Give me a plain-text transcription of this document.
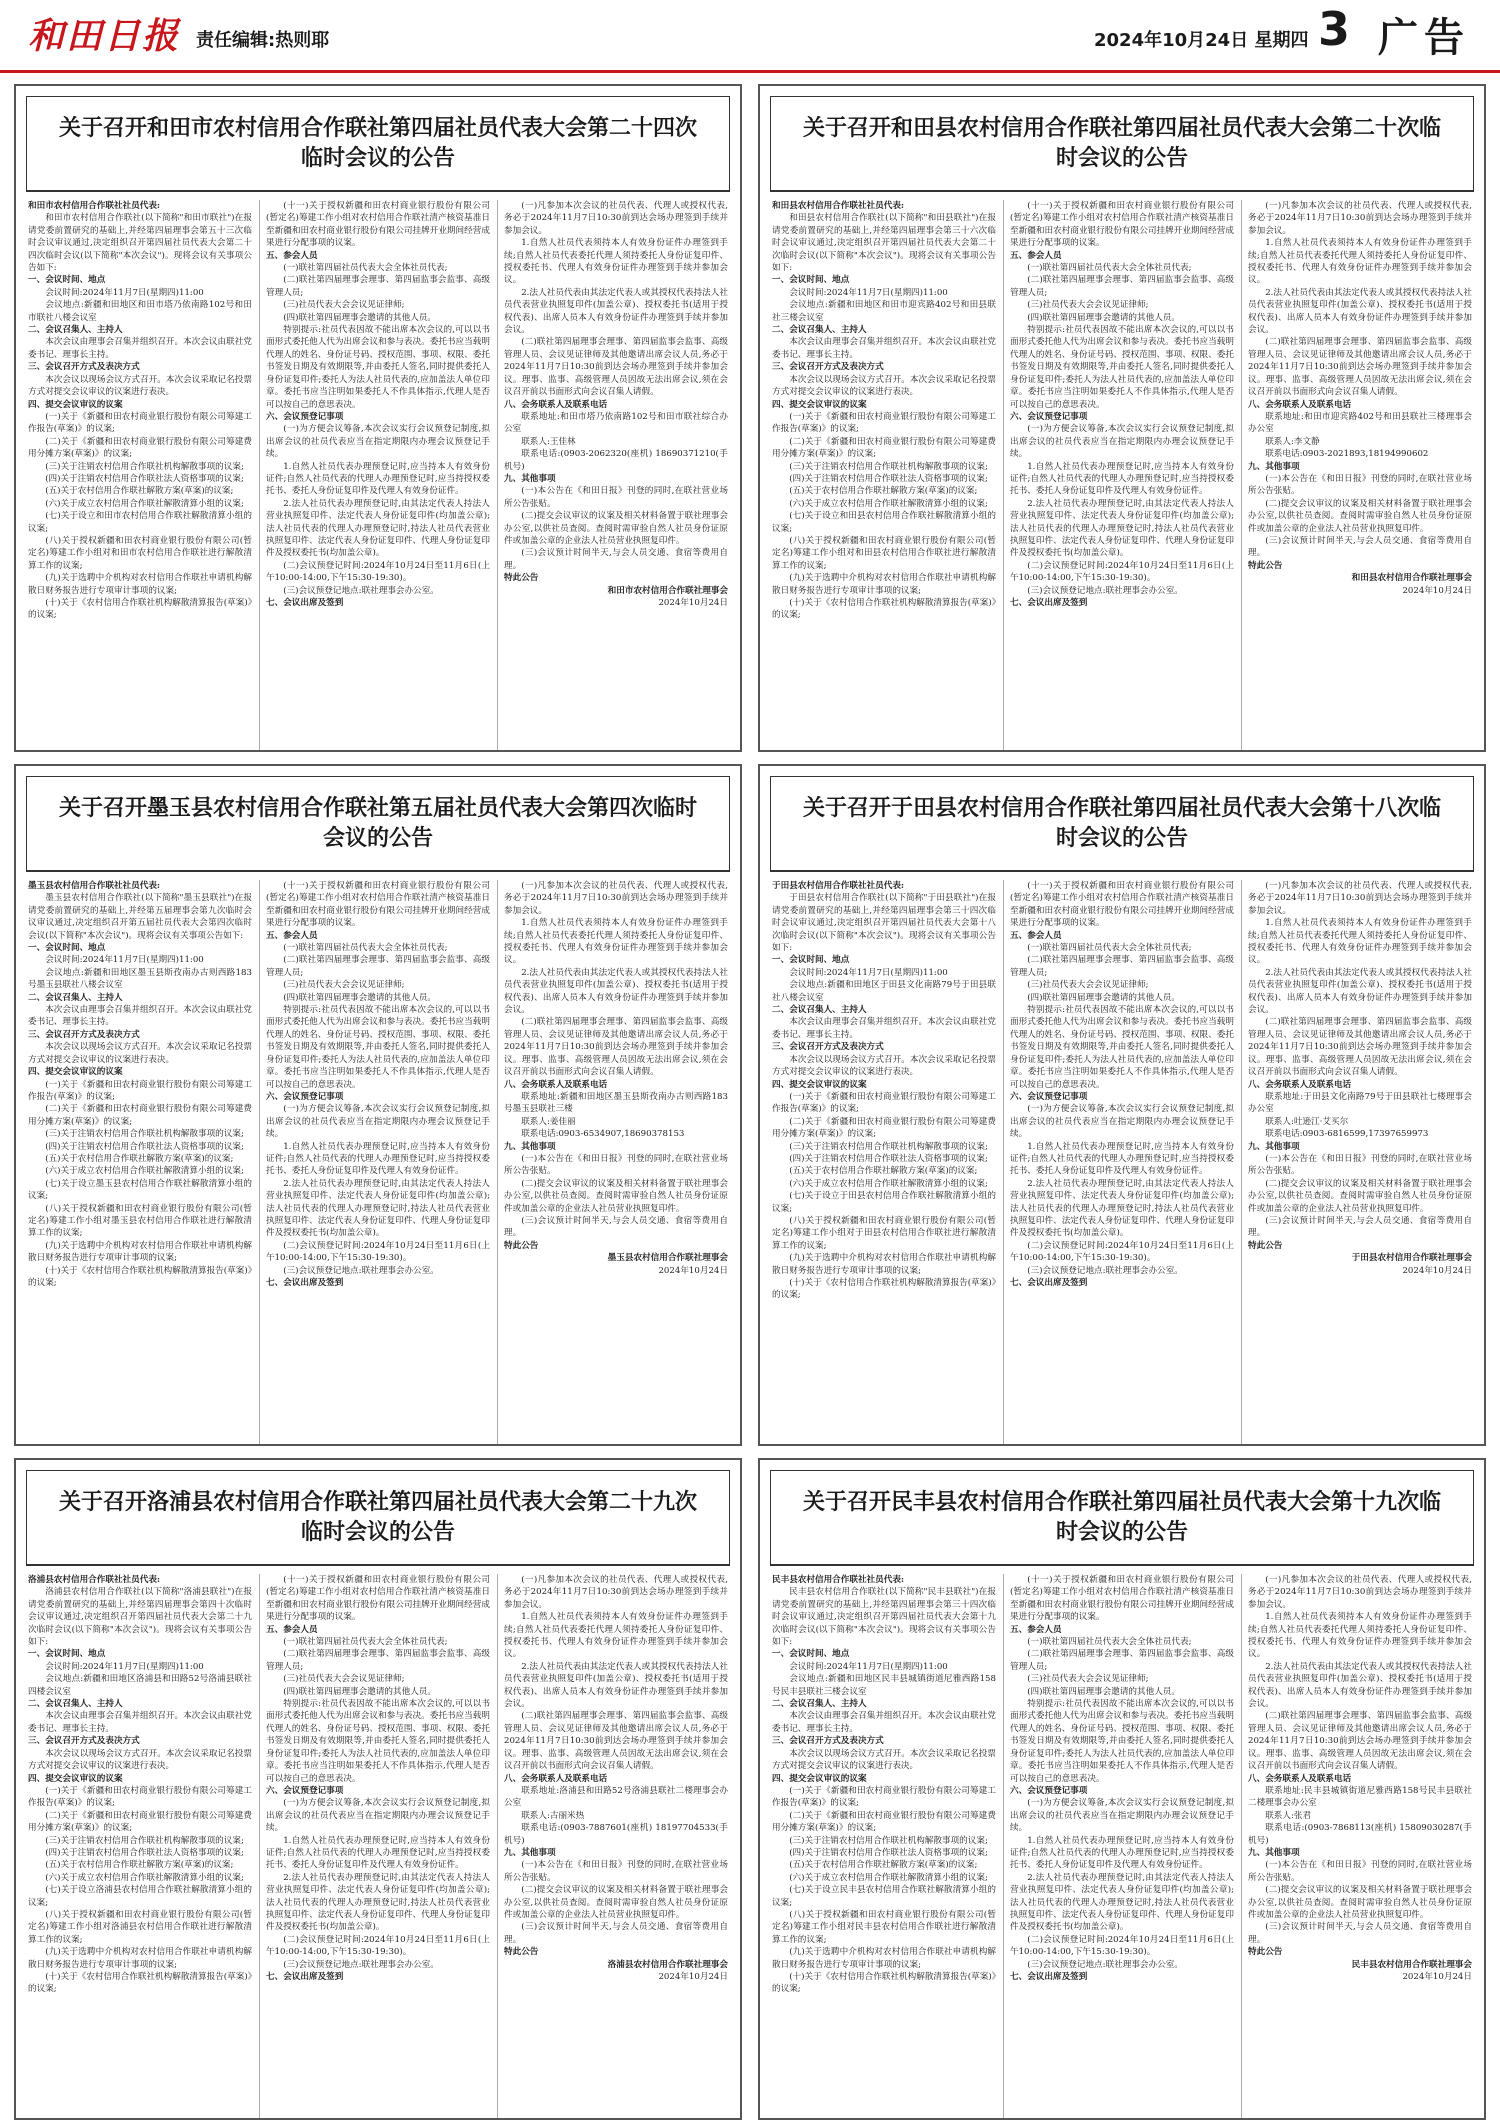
和田日报 责任编辑:热则耶	2024年10月24日 星期四 3 广告
关于召开和田市农村信用合作联社第四届社员代表大会第二十四次临时会议的公告

和田市农村信用合作联社社员代表:

和田市农村信用合作联社(以下简称"和田市联社")在报请党委前置研究的基础上,并经第四届理事会第五十三次临时会议审议通过,决定组织召开第四届社员代表大会第二十四次临时会议(以下简称"本次会议")。现将会议有关事项公告如下:

一、会议时间、地点

会议时间:2024年11月7日(星期四)11:00

会议地点:新疆和田地区和田市塔乃依南路102号和田市联社八楼会议室

二、会议召集人、主持人

本次会议由理事会召集并组织召开。本次会议由联社党委书记、理事长主持。

三、会议召开方式及表决方式

本次会议以现场会议方式召开。本次会议采取记名投票方式对提交会议审议的议案进行表决。

四、提交会议审议的议案

(一)关于《新疆和田农村商业银行股份有限公司筹建工作报告(草案)》的议案;

(二)关于《新疆和田农村商业银行股份有限公司筹建费用分摊方案(草案)》的议案;

(三)关于注销农村信用合作联社机构解散事项的议案;

(四)关于注销农村信用合作联社法人资格事项的议案;

(五)关于农村信用合作联社解散方案(草案)的议案;

(六)关于成立农村信用合作联社解散清算小组的议案;

(七)关于设立和田市农村信用合作联社解散清算小组的议案;

(八)关于授权新疆和田农村商业银行股份有限公司(暂定名)筹建工作小组对和田市农村信用合作联社进行解散清算工作的议案;

(九)关于选聘中介机构对农村信用合作联社申请机构解散日财务报告进行专项审计事项的议案;

(十)关于《农村信用合作联社机构解散清算报告(草案)》的议案;

(十一)关于授权新疆和田农村商业银行股份有限公司(暂定名)筹建工作小组对农村信用合作联社清产核资基准日至新疆和田农村商业银行股份有限公司挂牌开业期间经营成果进行分配事项的议案。

五、参会人员

(一)联社第四届社员代表大会全体社员代表;

(二)联社第四届理事会理事、第四届监事会监事、高级管理人员;

(三)社员代表大会会议见证律师;

(四)联社第四届理事会邀请的其他人员。

特别提示:社员代表因故不能出席本次会议的,可以以书面形式委托他人代为出席会议和参与表决。委托书应当载明代理人的姓名、身份证号码、授权范围、事项、权限、委托书签发日期及有效期限等,并由委托人签名,同时提供委托人身份证复印件;委托人为法人社员代表的,应加盖法人单位印章。委托书应当注明如果委托人不作具体指示,代理人是否可以按自己的意思表决。

六、会议预登记事项

(一)为方便会议筹备,本次会议实行会议预登记制度,拟出席会议的社员代表应当在指定期限内办理会议预登记手续。

1.自然人社员代表办理预登记时,应当持本人有效身份证件;自然人社员代表的代理人办理预登记时,应当持授权委托书、委托人身份证复印件及代理人有效身份证件。

2.法人社员代表办理预登记时,由其法定代表人持法人营业执照复印件、法定代表人身份证复印件(均加盖公章);法人社员代表的代理人办理预登记时,持法人社员代表营业执照复印件、法定代表人身份证复印件、代理人身份证复印件及授权委托书(均加盖公章)。

(二)会议预登记时间:2024年10月24日至11月6日(上午10:00-14:00,下午15:30-19:30)。

(三)会议预登记地点:联社理事会办公室。

七、会议出席及签到

(一)凡参加本次会议的社员代表、代理人或授权代表,务必于2024年11月7日10:30前到达会场办理签到手续并参加会议。

1.自然人社员代表须持本人有效身份证件办理签到手续;自然人社员代表委托代理人须持委托人身份证复印件、授权委托书、代理人有效身份证件办理签到手续并参加会议。

2.法人社员代表由其法定代表人或其授权代表持法人社员代表营业执照复印件(加盖公章)、授权委托书(适用于授权代表)、出席人员本人有效身份证件办理签到手续并参加会议。

(二)联社第四届理事会理事、第四届监事会监事、高级管理人员、会议见证律师及其他邀请出席会议人员,务必于2024年11月7日10:30前到达会场办理签到手续并参加会议。理事、监事、高级管理人员因故无法出席会议,须在会议召开前以书面形式向会议召集人请假。

八、会务联系人及联系电话

联系地址:和田市塔乃依南路102号和田市联社综合办公室

联系人:王佳林

联系电话:(0903-2062320(座机) 18690371210(手机号)

九、其他事项

(一)本公告在《和田日报》刊登的同时,在联社营业场所公告张贴。

(二)提交会议审议的议案及相关材料备置于联社理事会办公室,以供社员查阅。查阅时需审验自然人社员身份证原件或加盖公章的企业法人社员营业执照复印件。

(三)会议预计时间半天,与会人员交通、食宿等费用自理。

特此公告

和田市农村信用合作联社理事会

2024年10月24日

关于召开和田县农村信用合作联社第四届社员代表大会第二十次临时会议的公告

和田县农村信用合作联社社员代表:

和田县农村信用合作联社(以下简称"和田县联社")在报请党委前置研究的基础上,并经第四届理事会第三十六次临时会议审议通过,决定组织召开第四届社员代表大会第二十次临时会议(以下简称"本次会议")。现将会议有关事项公告如下:

一、会议时间、地点

会议时间:2024年11月7日(星期四)11:00

会议地点:新疆和田地区和田市迎宾路402号和田县联社三楼会议室

二、会议召集人、主持人

本次会议由理事会召集并组织召开。本次会议由联社党委书记、理事长主持。

三、会议召开方式及表决方式

本次会议以现场会议方式召开。本次会议采取记名投票方式对提交会议审议的议案进行表决。

四、提交会议审议的议案

(一)关于《新疆和田农村商业银行股份有限公司筹建工作报告(草案)》的议案;

(二)关于《新疆和田农村商业银行股份有限公司筹建费用分摊方案(草案)》的议案;

(三)关于注销农村信用合作联社机构解散事项的议案;

(四)关于注销农村信用合作联社法人资格事项的议案;

(五)关于农村信用合作联社解散方案(草案)的议案;

(六)关于成立农村信用合作联社解散清算小组的议案;

(七)关于设立和田县农村信用合作联社解散清算小组的议案;

(八)关于授权新疆和田农村商业银行股份有限公司(暂定名)筹建工作小组对和田县农村信用合作联社进行解散清算工作的议案;

(九)关于选聘中介机构对农村信用合作联社申请机构解散日财务报告进行专项审计事项的议案;

(十)关于《农村信用合作联社机构解散清算报告(草案)》的议案;

(十一)关于授权新疆和田农村商业银行股份有限公司(暂定名)筹建工作小组对农村信用合作联社清产核资基准日至新疆和田农村商业银行股份有限公司挂牌开业期间经营成果进行分配事项的议案。

五、参会人员

(一)联社第四届社员代表大会全体社员代表;

(二)联社第四届理事会理事、第四届监事会监事、高级管理人员;

(三)社员代表大会会议见证律师;

(四)联社第四届理事会邀请的其他人员。

特别提示:社员代表因故不能出席本次会议的,可以以书面形式委托他人代为出席会议和参与表决。委托书应当载明代理人的姓名、身份证号码、授权范围、事项、权限、委托书签发日期及有效期限等,并由委托人签名,同时提供委托人身份证复印件;委托人为法人社员代表的,应加盖法人单位印章。委托书应当注明如果委托人不作具体指示,代理人是否可以按自己的意思表决。

六、会议预登记事项

(一)为方便会议筹备,本次会议实行会议预登记制度,拟出席会议的社员代表应当在指定期限内办理会议预登记手续。

1.自然人社员代表办理预登记时,应当持本人有效身份证件;自然人社员代表的代理人办理预登记时,应当持授权委托书、委托人身份证复印件及代理人有效身份证件。

2.法人社员代表办理预登记时,由其法定代表人持法人营业执照复印件、法定代表人身份证复印件(均加盖公章);法人社员代表的代理人办理预登记时,持法人社员代表营业执照复印件、法定代表人身份证复印件、代理人身份证复印件及授权委托书(均加盖公章)。

(二)会议预登记时间:2024年10月24日至11月6日(上午10:00-14:00,下午15:30-19:30)。

(三)会议预登记地点:联社理事会办公室。

七、会议出席及签到

(一)凡参加本次会议的社员代表、代理人或授权代表,务必于2024年11月7日10:30前到达会场办理签到手续并参加会议。

1.自然人社员代表须持本人有效身份证件办理签到手续;自然人社员代表委托代理人须持委托人身份证复印件、授权委托书、代理人有效身份证件办理签到手续并参加会议。

2.法人社员代表由其法定代表人或其授权代表持法人社员代表营业执照复印件(加盖公章)、授权委托书(适用于授权代表)、出席人员本人有效身份证件办理签到手续并参加会议。

(二)联社第四届理事会理事、第四届监事会监事、高级管理人员、会议见证律师及其他邀请出席会议人员,务必于2024年11月7日10:30前到达会场办理签到手续并参加会议。理事、监事、高级管理人员因故无法出席会议,须在会议召开前以书面形式向会议召集人请假。

八、会务联系人及联系电话

联系地址:和田市迎宾路402号和田县联社三楼理事会办公室

联系人:李文静

联系电话:0903-2021893,18194990602

九、其他事项

(一)本公告在《和田日报》刊登的同时,在联社营业场所公告张贴。

(二)提交会议审议的议案及相关材料备置于联社理事会办公室,以供社员查阅。查阅时需审验自然人社员身份证原件或加盖公章的企业法人社员营业执照复印件。

(三)会议预计时间半天,与会人员交通、食宿等费用自理。

特此公告

和田县农村信用合作联社理事会

2024年10月24日

关于召开墨玉县农村信用合作联社第五届社员代表大会第四次临时会议的公告

墨玉县农村信用合作联社社员代表:

墨玉县农村信用合作联社(以下简称"墨玉县联社")在报请党委前置研究的基础上,并经第五届理事会第九次临时会议审议通过,决定组织召开第五届社员代表大会第四次临时会议(以下简称"本次会议")。现将会议有关事项公告如下:

一、会议时间、地点

会议时间:2024年11月7日(星期四)11:00

会议地点:新疆和田地区墨玉县斯孜南办古则西路183号墨玉县联社八楼会议室

二、会议召集人、主持人

本次会议由理事会召集并组织召开。本次会议由联社党委书记、理事长主持。

三、会议召开方式及表决方式

本次会议以现场会议方式召开。本次会议采取记名投票方式对提交会议审议的议案进行表决。

四、提交会议审议的议案

(一)关于《新疆和田农村商业银行股份有限公司筹建工作报告(草案)》的议案;

(二)关于《新疆和田农村商业银行股份有限公司筹建费用分摊方案(草案)》的议案;

(三)关于注销农村信用合作联社机构解散事项的议案;

(四)关于注销农村信用合作联社法人资格事项的议案;

(五)关于农村信用合作联社解散方案(草案)的议案;

(六)关于成立农村信用合作联社解散清算小组的议案;

(七)关于设立墨玉县农村信用合作联社解散清算小组的议案;

(八)关于授权新疆和田农村商业银行股份有限公司(暂定名)筹建工作小组对墨玉县农村信用合作联社进行解散清算工作的议案;

(九)关于选聘中介机构对农村信用合作联社申请机构解散日财务报告进行专项审计事项的议案;

(十)关于《农村信用合作联社机构解散清算报告(草案)》的议案;

(十一)关于授权新疆和田农村商业银行股份有限公司(暂定名)筹建工作小组对农村信用合作联社清产核资基准日至新疆和田农村商业银行股份有限公司挂牌开业期间经营成果进行分配事项的议案。

五、参会人员

(一)联社第四届社员代表大会全体社员代表;

(二)联社第四届理事会理事、第四届监事会监事、高级管理人员;

(三)社员代表大会会议见证律师;

(四)联社第四届理事会邀请的其他人员。

特别提示:社员代表因故不能出席本次会议的,可以以书面形式委托他人代为出席会议和参与表决。委托书应当载明代理人的姓名、身份证号码、授权范围、事项、权限、委托书签发日期及有效期限等,并由委托人签名,同时提供委托人身份证复印件;委托人为法人社员代表的,应加盖法人单位印章。委托书应当注明如果委托人不作具体指示,代理人是否可以按自己的意思表决。

六、会议预登记事项

(一)为方便会议筹备,本次会议实行会议预登记制度,拟出席会议的社员代表应当在指定期限内办理会议预登记手续。

1.自然人社员代表办理预登记时,应当持本人有效身份证件;自然人社员代表的代理人办理预登记时,应当持授权委托书、委托人身份证复印件及代理人有效身份证件。

2.法人社员代表办理预登记时,由其法定代表人持法人营业执照复印件、法定代表人身份证复印件(均加盖公章);法人社员代表的代理人办理预登记时,持法人社员代表营业执照复印件、法定代表人身份证复印件、代理人身份证复印件及授权委托书(均加盖公章)。

(二)会议预登记时间:2024年10月24日至11月6日(上午10:00-14:00,下午15:30-19:30)。

(三)会议预登记地点:联社理事会办公室。

七、会议出席及签到

(一)凡参加本次会议的社员代表、代理人或授权代表,务必于2024年11月7日10:30前到达会场办理签到手续并参加会议。

1.自然人社员代表须持本人有效身份证件办理签到手续;自然人社员代表委托代理人须持委托人身份证复印件、授权委托书、代理人有效身份证件办理签到手续并参加会议。

2.法人社员代表由其法定代表人或其授权代表持法人社员代表营业执照复印件(加盖公章)、授权委托书(适用于授权代表)、出席人员本人有效身份证件办理签到手续并参加会议。

(二)联社第四届理事会理事、第四届监事会监事、高级管理人员、会议见证律师及其他邀请出席会议人员,务必于2024年11月7日10:30前到达会场办理签到手续并参加会议。理事、监事、高级管理人员因故无法出席会议,须在会议召开前以书面形式向会议召集人请假。

八、会务联系人及联系电话

联系地址:新疆和田地区墨玉县斯孜南办古则西路183号墨玉县联社三楼

联系人:姜佳丽

联系电话:0903-6534907,18690378153

九、其他事项

(一)本公告在《和田日报》刊登的同时,在联社营业场所公告张贴。

(二)提交会议审议的议案及相关材料备置于联社理事会办公室,以供社员查阅。查阅时需审验自然人社员身份证原件或加盖公章的企业法人社员营业执照复印件。

(三)会议预计时间半天,与会人员交通、食宿等费用自理。

特此公告

墨玉县农村信用合作联社理事会

2024年10月24日

关于召开于田县农村信用合作联社第四届社员代表大会第十八次临时会议的公告

于田县农村信用合作联社社员代表:

于田县农村信用合作联社(以下简称"于田县联社")在报请党委前置研究的基础上,并经第四届理事会第三十四次临时会议审议通过,决定组织召开第四届社员代表大会第十八次临时会议(以下简称"本次会议")。现将会议有关事项公告如下:

一、会议时间、地点

会议时间:2024年11月7日(星期四)11:00

会议地点:新疆和田地区于田县文化南路79号于田县联社八楼会议室

二、会议召集人、主持人

本次会议由理事会召集并组织召开。本次会议由联社党委书记、理事长主持。

三、会议召开方式及表决方式

本次会议以现场会议方式召开。本次会议采取记名投票方式对提交会议审议的议案进行表决。

四、提交会议审议的议案

(一)关于《新疆和田农村商业银行股份有限公司筹建工作报告(草案)》的议案;

(二)关于《新疆和田农村商业银行股份有限公司筹建费用分摊方案(草案)》的议案;

(三)关于注销农村信用合作联社机构解散事项的议案;

(四)关于注销农村信用合作联社法人资格事项的议案;

(五)关于农村信用合作联社解散方案(草案)的议案;

(六)关于成立农村信用合作联社解散清算小组的议案;

(七)关于设立于田县农村信用合作联社解散清算小组的议案;

(八)关于授权新疆和田农村商业银行股份有限公司(暂定名)筹建工作小组对于田县农村信用合作联社进行解散清算工作的议案;

(九)关于选聘中介机构对农村信用合作联社申请机构解散日财务报告进行专项审计事项的议案;

(十)关于《农村信用合作联社机构解散清算报告(草案)》的议案;

(十一)关于授权新疆和田农村商业银行股份有限公司(暂定名)筹建工作小组对农村信用合作联社清产核资基准日至新疆和田农村商业银行股份有限公司挂牌开业期间经营成果进行分配事项的议案。

五、参会人员

(一)联社第四届社员代表大会全体社员代表;

(二)联社第四届理事会理事、第四届监事会监事、高级管理人员;

(三)社员代表大会会议见证律师;

(四)联社第四届理事会邀请的其他人员。

特别提示:社员代表因故不能出席本次会议的,可以以书面形式委托他人代为出席会议和参与表决。委托书应当载明代理人的姓名、身份证号码、授权范围、事项、权限、委托书签发日期及有效期限等,并由委托人签名,同时提供委托人身份证复印件;委托人为法人社员代表的,应加盖法人单位印章。委托书应当注明如果委托人不作具体指示,代理人是否可以按自己的意思表决。

六、会议预登记事项

(一)为方便会议筹备,本次会议实行会议预登记制度,拟出席会议的社员代表应当在指定期限内办理会议预登记手续。

1.自然人社员代表办理预登记时,应当持本人有效身份证件;自然人社员代表的代理人办理预登记时,应当持授权委托书、委托人身份证复印件及代理人有效身份证件。

2.法人社员代表办理预登记时,由其法定代表人持法人营业执照复印件、法定代表人身份证复印件(均加盖公章);法人社员代表的代理人办理预登记时,持法人社员代表营业执照复印件、法定代表人身份证复印件、代理人身份证复印件及授权委托书(均加盖公章)。

(二)会议预登记时间:2024年10月24日至11月6日(上午10:00-14:00,下午15:30-19:30)。

(三)会议预登记地点:联社理事会办公室。

七、会议出席及签到

(一)凡参加本次会议的社员代表、代理人或授权代表,务必于2024年11月7日10:30前到达会场办理签到手续并参加会议。

1.自然人社员代表须持本人有效身份证件办理签到手续;自然人社员代表委托代理人须持委托人身份证复印件、授权委托书、代理人有效身份证件办理签到手续并参加会议。

2.法人社员代表由其法定代表人或其授权代表持法人社员代表营业执照复印件(加盖公章)、授权委托书(适用于授权代表)、出席人员本人有效身份证件办理签到手续并参加会议。

(二)联社第四届理事会理事、第四届监事会监事、高级管理人员、会议见证律师及其他邀请出席会议人员,务必于2024年11月7日10:30前到达会场办理签到手续并参加会议。理事、监事、高级管理人员因故无法出席会议,须在会议召开前以书面形式向会议召集人请假。

八、会务联系人及联系电话

联系地址:于田县文化南路79号于田县联社七楼理事会办公室

联系人:吐逊江·艾买尔

联系电话:0903-6816599,17397659973

九、其他事项

(一)本公告在《和田日报》刊登的同时,在联社营业场所公告张贴。

(二)提交会议审议的议案及相关材料备置于联社理事会办公室,以供社员查阅。查阅时需审验自然人社员身份证原件或加盖公章的企业法人社员营业执照复印件。

(三)会议预计时间半天,与会人员交通、食宿等费用自理。

特此公告

于田县农村信用合作联社理事会

2024年10月24日

关于召开洛浦县农村信用合作联社第四届社员代表大会第二十九次临时会议的公告

洛浦县农村信用合作联社社员代表:

洛浦县农村信用合作联社(以下简称"洛浦县联社")在报请党委前置研究的基础上,并经第四届理事会第四十次临时会议审议通过,决定组织召开第四届社员代表大会第二十九次临时会议(以下简称"本次会议")。现将会议有关事项公告如下:

一、会议时间、地点

会议时间:2024年11月7日(星期四)11:00

会议地点:新疆和田地区洛浦县和田路52号洛浦县联社四楼会议室

二、会议召集人、主持人

本次会议由理事会召集并组织召开。本次会议由联社党委书记、理事长主持。

三、会议召开方式及表决方式

本次会议以现场会议方式召开。本次会议采取记名投票方式对提交会议审议的议案进行表决。

四、提交会议审议的议案

(一)关于《新疆和田农村商业银行股份有限公司筹建工作报告(草案)》的议案;

(二)关于《新疆和田农村商业银行股份有限公司筹建费用分摊方案(草案)》的议案;

(三)关于注销农村信用合作联社机构解散事项的议案;

(四)关于注销农村信用合作联社法人资格事项的议案;

(五)关于农村信用合作联社解散方案(草案)的议案;

(六)关于成立农村信用合作联社解散清算小组的议案;

(七)关于设立洛浦县农村信用合作联社解散清算小组的议案;

(八)关于授权新疆和田农村商业银行股份有限公司(暂定名)筹建工作小组对洛浦县农村信用合作联社进行解散清算工作的议案;

(九)关于选聘中介机构对农村信用合作联社申请机构解散日财务报告进行专项审计事项的议案;

(十)关于《农村信用合作联社机构解散清算报告(草案)》的议案;

(十一)关于授权新疆和田农村商业银行股份有限公司(暂定名)筹建工作小组对农村信用合作联社清产核资基准日至新疆和田农村商业银行股份有限公司挂牌开业期间经营成果进行分配事项的议案。

五、参会人员

(一)联社第四届社员代表大会全体社员代表;

(二)联社第四届理事会理事、第四届监事会监事、高级管理人员;

(三)社员代表大会会议见证律师;

(四)联社第四届理事会邀请的其他人员。

特别提示:社员代表因故不能出席本次会议的,可以以书面形式委托他人代为出席会议和参与表决。委托书应当载明代理人的姓名、身份证号码、授权范围、事项、权限、委托书签发日期及有效期限等,并由委托人签名,同时提供委托人身份证复印件;委托人为法人社员代表的,应加盖法人单位印章。委托书应当注明如果委托人不作具体指示,代理人是否可以按自己的意思表决。

六、会议预登记事项

(一)为方便会议筹备,本次会议实行会议预登记制度,拟出席会议的社员代表应当在指定期限内办理会议预登记手续。

1.自然人社员代表办理预登记时,应当持本人有效身份证件;自然人社员代表的代理人办理预登记时,应当持授权委托书、委托人身份证复印件及代理人有效身份证件。

2.法人社员代表办理预登记时,由其法定代表人持法人营业执照复印件、法定代表人身份证复印件(均加盖公章);法人社员代表的代理人办理预登记时,持法人社员代表营业执照复印件、法定代表人身份证复印件、代理人身份证复印件及授权委托书(均加盖公章)。

(二)会议预登记时间:2024年10月24日至11月6日(上午10:00-14:00,下午15:30-19:30)。

(三)会议预登记地点:联社理事会办公室。

七、会议出席及签到

(一)凡参加本次会议的社员代表、代理人或授权代表,务必于2024年11月7日10:30前到达会场办理签到手续并参加会议。

1.自然人社员代表须持本人有效身份证件办理签到手续;自然人社员代表委托代理人须持委托人身份证复印件、授权委托书、代理人有效身份证件办理签到手续并参加会议。

2.法人社员代表由其法定代表人或其授权代表持法人社员代表营业执照复印件(加盖公章)、授权委托书(适用于授权代表)、出席人员本人有效身份证件办理签到手续并参加会议。

(二)联社第四届理事会理事、第四届监事会监事、高级管理人员、会议见证律师及其他邀请出席会议人员,务必于2024年11月7日10:30前到达会场办理签到手续并参加会议。理事、监事、高级管理人员因故无法出席会议,须在会议召开前以书面形式向会议召集人请假。

八、会务联系人及联系电话

联系地址:洛浦县和田路52号洛浦县联社二楼理事会办公室

联系人:古丽米热

联系电话:(0903-7887601(座机) 18197704533(手机号)

九、其他事项

(一)本公告在《和田日报》刊登的同时,在联社营业场所公告张贴。

(二)提交会议审议的议案及相关材料备置于联社理事会办公室,以供社员查阅。查阅时需审验自然人社员身份证原件或加盖公章的企业法人社员营业执照复印件。

(三)会议预计时间半天,与会人员交通、食宿等费用自理。

特此公告

洛浦县农村信用合作联社理事会

2024年10月24日

关于召开民丰县农村信用合作联社第四届社员代表大会第十九次临时会议的公告

民丰县农村信用合作联社社员代表:

民丰县农村信用合作联社(以下简称"民丰县联社")在报请党委前置研究的基础上,并经第四届理事会第三十四次临时会议审议通过,决定组织召开第四届社员代表大会第十九次临时会议(以下简称"本次会议")。现将会议有关事项公告如下:

一、会议时间、地点

会议时间:2024年11月7日(星期四)11:00

会议地点:新疆和田地区民丰县城镇街道尼雅西路158号民丰县联社三楼会议室

二、会议召集人、主持人

本次会议由理事会召集并组织召开。本次会议由联社党委书记、理事长主持。

三、会议召开方式及表决方式

本次会议以现场会议方式召开。本次会议采取记名投票方式对提交会议审议的议案进行表决。

四、提交会议审议的议案

(一)关于《新疆和田农村商业银行股份有限公司筹建工作报告(草案)》的议案;

(二)关于《新疆和田农村商业银行股份有限公司筹建费用分摊方案(草案)》的议案;

(三)关于注销农村信用合作联社机构解散事项的议案;

(四)关于注销农村信用合作联社法人资格事项的议案;

(五)关于农村信用合作联社解散方案(草案)的议案;

(六)关于成立农村信用合作联社解散清算小组的议案;

(七)关于设立民丰县农村信用合作联社解散清算小组的议案;

(八)关于授权新疆和田农村商业银行股份有限公司(暂定名)筹建工作小组对民丰县农村信用合作联社进行解散清算工作的议案;

(九)关于选聘中介机构对农村信用合作联社申请机构解散日财务报告进行专项审计事项的议案;

(十)关于《农村信用合作联社机构解散清算报告(草案)》的议案;

(十一)关于授权新疆和田农村商业银行股份有限公司(暂定名)筹建工作小组对农村信用合作联社清产核资基准日至新疆和田农村商业银行股份有限公司挂牌开业期间经营成果进行分配事项的议案。

五、参会人员

(一)联社第四届社员代表大会全体社员代表;

(二)联社第四届理事会理事、第四届监事会监事、高级管理人员;

(三)社员代表大会会议见证律师;

(四)联社第四届理事会邀请的其他人员。

特别提示:社员代表因故不能出席本次会议的,可以以书面形式委托他人代为出席会议和参与表决。委托书应当载明代理人的姓名、身份证号码、授权范围、事项、权限、委托书签发日期及有效期限等,并由委托人签名,同时提供委托人身份证复印件;委托人为法人社员代表的,应加盖法人单位印章。委托书应当注明如果委托人不作具体指示,代理人是否可以按自己的意思表决。

六、会议预登记事项

(一)为方便会议筹备,本次会议实行会议预登记制度,拟出席会议的社员代表应当在指定期限内办理会议预登记手续。

1.自然人社员代表办理预登记时,应当持本人有效身份证件;自然人社员代表的代理人办理预登记时,应当持授权委托书、委托人身份证复印件及代理人有效身份证件。

2.法人社员代表办理预登记时,由其法定代表人持法人营业执照复印件、法定代表人身份证复印件(均加盖公章);法人社员代表的代理人办理预登记时,持法人社员代表营业执照复印件、法定代表人身份证复印件、代理人身份证复印件及授权委托书(均加盖公章)。

(二)会议预登记时间:2024年10月24日至11月6日(上午10:00-14:00,下午15:30-19:30)。

(三)会议预登记地点:联社理事会办公室。

七、会议出席及签到

(一)凡参加本次会议的社员代表、代理人或授权代表,务必于2024年11月7日10:30前到达会场办理签到手续并参加会议。

1.自然人社员代表须持本人有效身份证件办理签到手续;自然人社员代表委托代理人须持委托人身份证复印件、授权委托书、代理人有效身份证件办理签到手续并参加会议。

2.法人社员代表由其法定代表人或其授权代表持法人社员代表营业执照复印件(加盖公章)、授权委托书(适用于授权代表)、出席人员本人有效身份证件办理签到手续并参加会议。

(二)联社第四届理事会理事、第四届监事会监事、高级管理人员、会议见证律师及其他邀请出席会议人员,务必于2024年11月7日10:30前到达会场办理签到手续并参加会议。理事、监事、高级管理人员因故无法出席会议,须在会议召开前以书面形式向会议召集人请假。

八、会务联系人及联系电话

联系地址:民丰县城镇街道尼雅西路158号民丰县联社二楼理事会办公室

联系人:张君

联系电话:(0903-7868113(座机) 15809030287(手机号)

九、其他事项

(一)本公告在《和田日报》刊登的同时,在联社营业场所公告张贴。

(二)提交会议审议的议案及相关材料备置于联社理事会办公室,以供社员查阅。查阅时需审验自然人社员身份证原件或加盖公章的企业法人社员营业执照复印件。

(三)会议预计时间半天,与会人员交通、食宿等费用自理。

特此公告

民丰县农村信用合作联社理事会

2024年10月24日
